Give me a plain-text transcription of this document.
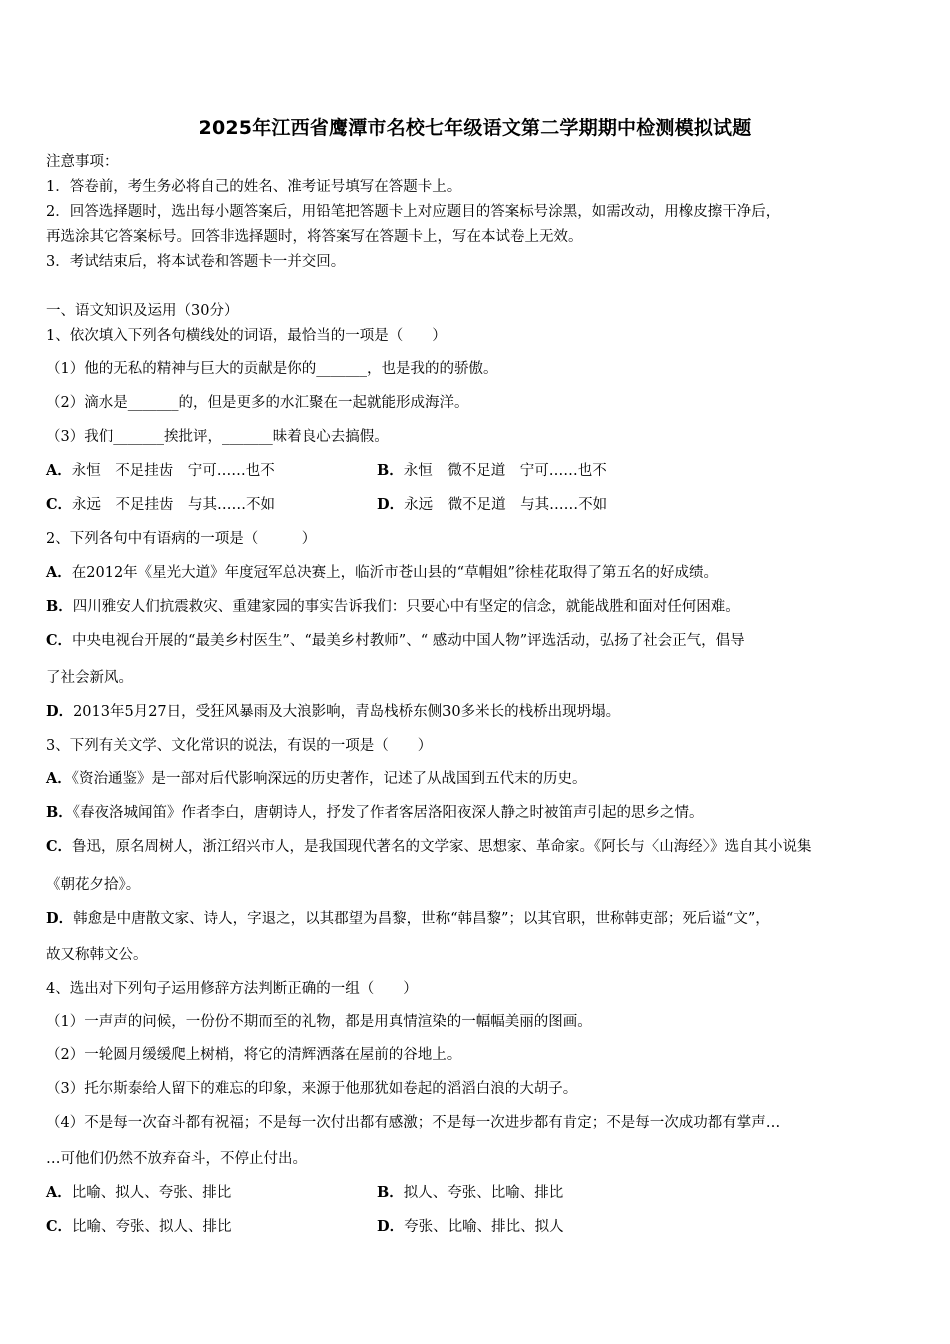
2025年江西省鹰潭市名校七年级语文第二学期期中检测模拟试题
注意事项：
1．答卷前，考生务必将自己的姓名、准考证号填写在答题卡上。
2．回答选择题时，选出每小题答案后，用铅笔把答题卡上对应题目的答案标号涂黑，如需改动，用橡皮擦干净后，
再选涂其它答案标号。回答非选择题时，将答案写在答题卡上，写在本试卷上无效。
3．考试结束后，将本试卷和答题卡一并交回。
一、语文知识及运用（30分）
1、依次填入下列各句横线处的词语，最恰当的一项是（　　）
（1）他的无私的精神与巨大的贡献是你的_______，也是我的的骄傲。
（2）滴水是_______的，但是更多的水汇聚在一起就能形成海洋。
（3）我们_______挨批评，_______昧着良心去搞假。
A．永恒　不足挂齿　宁可……也不	B．永恒　微不足道　宁可……也不
C．永远　不足挂齿　与其……不如	D．永远　微不足道　与其……不如
2、下列各句中有语病的一项是（　　　）
A．在2012年《星光大道》年度冠军总决赛上，临沂市苍山县的“草帽姐”徐桂花取得了第五名的好成绩。
B．四川雅安人们抗震救灾、重建家园的事实告诉我们：只要心中有坚定的信念，就能战胜和面对任何困难。
C．中央电视台开展的“最美乡村医生”、“最美乡村教师”、“ 感动中国人物”评选活动，弘扬了社会正气，倡导
了社会新风。
D．2013年5月27日，受狂风暴雨及大浪影响，青岛栈桥东侧30多米长的栈桥出现坍塌。
3、下列有关文学、文化常识的说法，有误的一项是（　　）
A．《资治通鉴》是一部对后代影响深远的历史著作，记述了从战国到五代末的历史。
B．《春夜洛城闻笛》作者李白，唐朝诗人，抒发了作者客居洛阳夜深人静之时被笛声引起的思乡之情。
C．鲁迅，原名周树人，浙江绍兴市人，是我国现代著名的文学家、思想家、革命家。《阿长与〈山海经〉》选自其小说集
《朝花夕拾》。
D．韩愈是中唐散文家、诗人，字退之，以其郡望为昌黎，世称“韩昌黎”；以其官职，世称韩吏部；死后谥“文”，
故又称韩文公。
4、选出对下列句子运用修辞方法判断正确的一组（　　）
（1）一声声的问候，一份份不期而至的礼物，都是用真情渲染的一幅幅美丽的图画。
（2）一轮圆月缓缓爬上树梢，将它的清辉洒落在屋前的谷地上。
（3）托尔斯泰给人留下的难忘的印象，来源于他那犹如卷起的滔滔白浪的大胡子。
（4）不是每一次奋斗都有祝福；不是每一次付出都有感激；不是每一次进步都有肯定；不是每一次成功都有掌声…
…可他们仍然不放弃奋斗，不停止付出。
A．比喻、拟人、夸张、排比	B．拟人、夸张、比喻、排比
C．比喻、夸张、拟人、排比	D．夸张、比喻、排比、拟人
